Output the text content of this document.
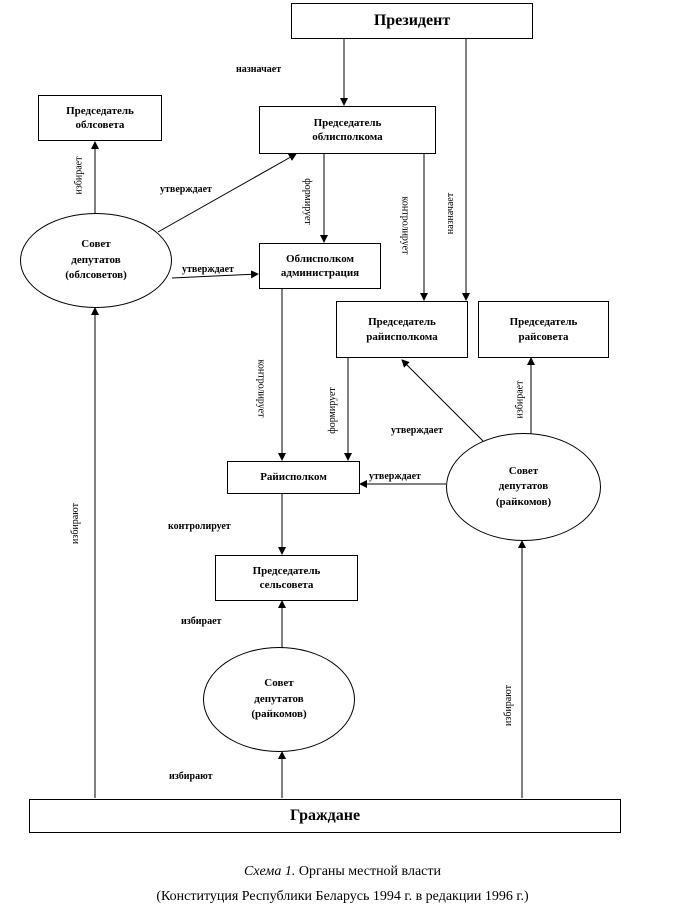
Президент
Председатель
облсовета	Председатель
облисполкома
Совет
депутатов
(облсоветов)
Облисполком
администрация
Председатель
райисполкома
Председатель
райсовета
Райисполком
Совет
депутатов
(райкомов)
Председатель
сельсовета
Совет
депутатов
(райкомов)
Граждане
назначает
назначает
избирает	утверждает	формирует	контролирует
утверждает
контролирует	формирует	утверждает
избирает
утверждает
контролирует
избирает
избирают
избирают
избирают
Схема 1. Органы местной власти
(Конституция Республики Беларусь 1994 г. в редакции 1996 г.)
